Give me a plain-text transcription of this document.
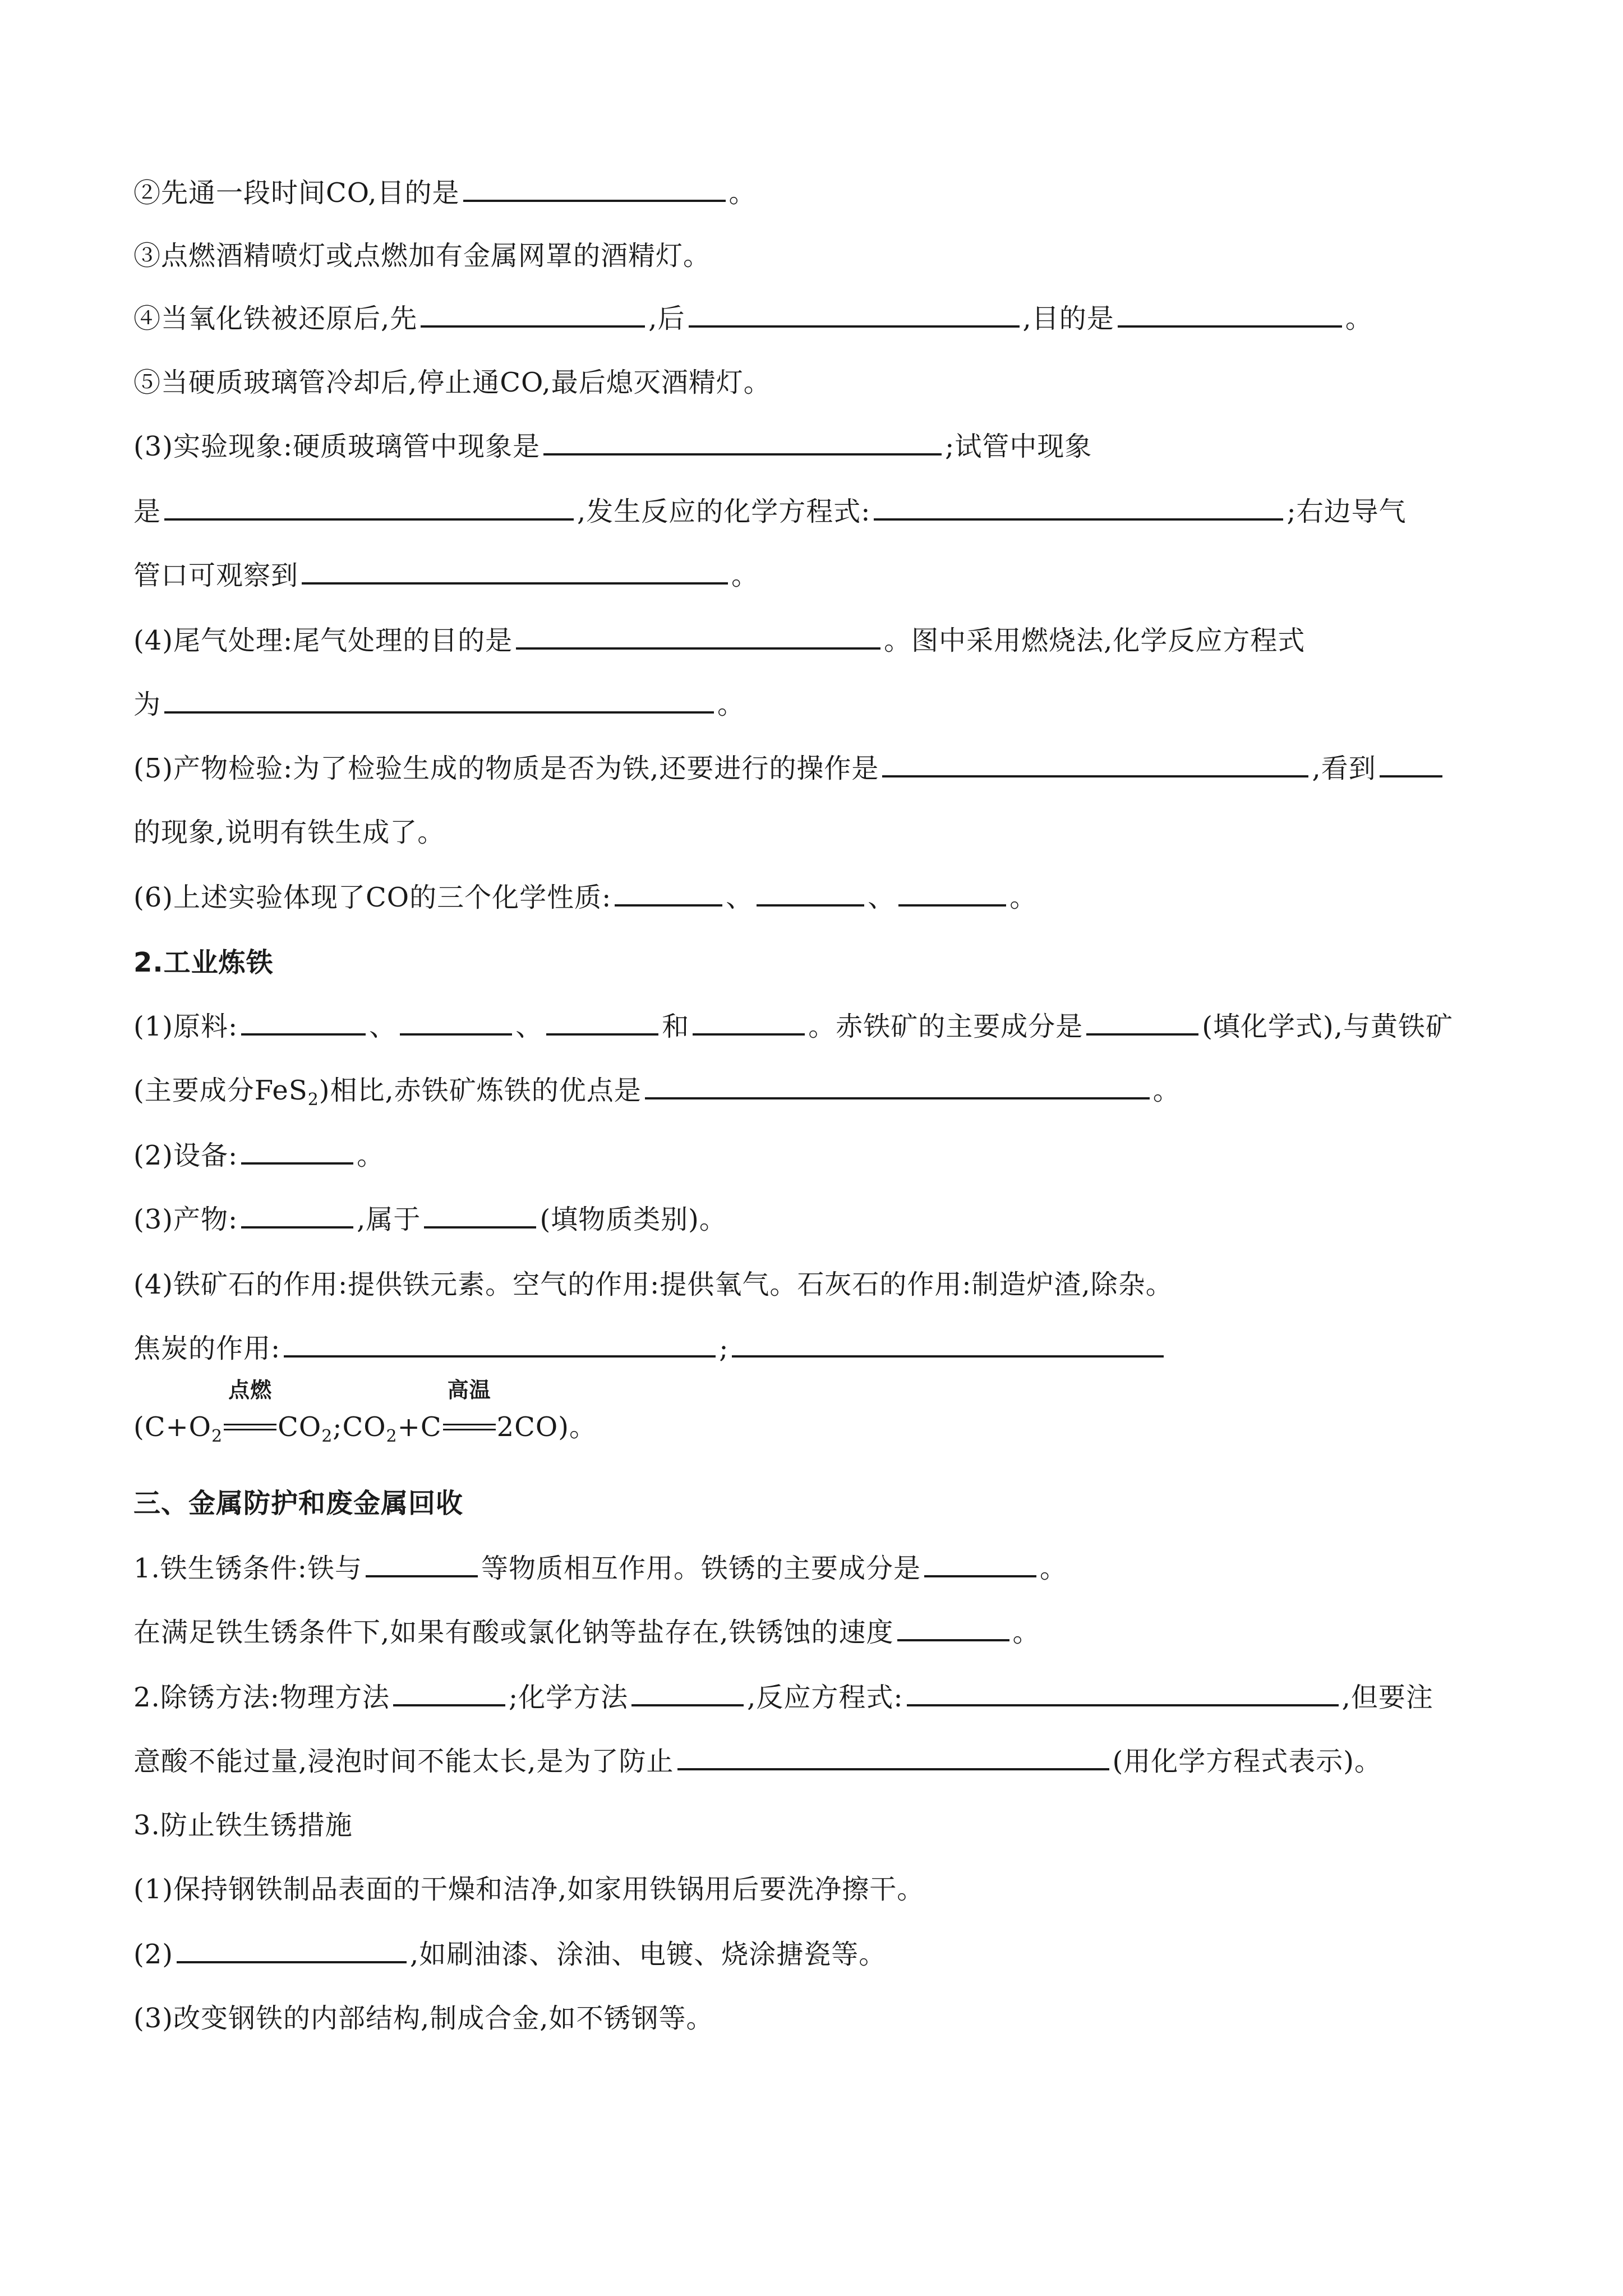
②先通一段时间CO,目的是	。
③点燃酒精喷灯或点燃加有金属网罩的酒精灯。
④当氧化铁被还原后,先	,后	,目的是	。
⑤当硬质玻璃管冷却后,停止通CO,最后熄灭酒精灯。
(3)实验现象:硬质玻璃管中现象是	;试管中现象
是	,发生反应的化学方程式:	;右边导气
管口可观察到	。
(4)尾气处理:尾气处理的目的是	。图中采用燃烧法,化学反应方程式
为	。
(5)产物检验:为了检验生成的物质是否为铁,还要进行的操作是	,看到
的现象,说明有铁生成了。
(6)上述实验体现了CO的三个化学性质:	、	、	。
2.工业炼铁
(1)原料:	、	、	和	。赤铁矿的主要成分是	(填化学式),与黄铁矿
(主要成分FeS$_2$)相比,赤铁矿炼铁的优点是	。
(2)设备:	。
(3)产物:	,属于	(填物质类别)。
(4)铁矿石的作用:提供铁元素。空气的作用:提供氧气。石灰石的作用:制造炉渣,除杂。
焦炭的作用:	;
($C+O_2$
点燃
$CO_2;CO_2+C$
高温
2CO)。
三、金属防护和废金属回收
1.铁生锈条件:铁与	等物质相互作用。铁锈的主要成分是	。
在满足铁生锈条件下,如果有酸或氯化钠等盐存在,铁锈蚀的速度	。
2.除锈方法:物理方法	;化学方法	,反应方程式:	,但要注
意酸不能过量,浸泡时间不能太长,是为了防止	(用化学方程式表示)。
3.防止铁生锈措施
(1)保持钢铁制品表面的干燥和洁净,如家用铁锅用后要洗净擦干。
(2)	,如刷油漆、涂油、电镀、烧涂搪瓷等。
(3)改变钢铁的内部结构,制成合金,如不锈钢等。
